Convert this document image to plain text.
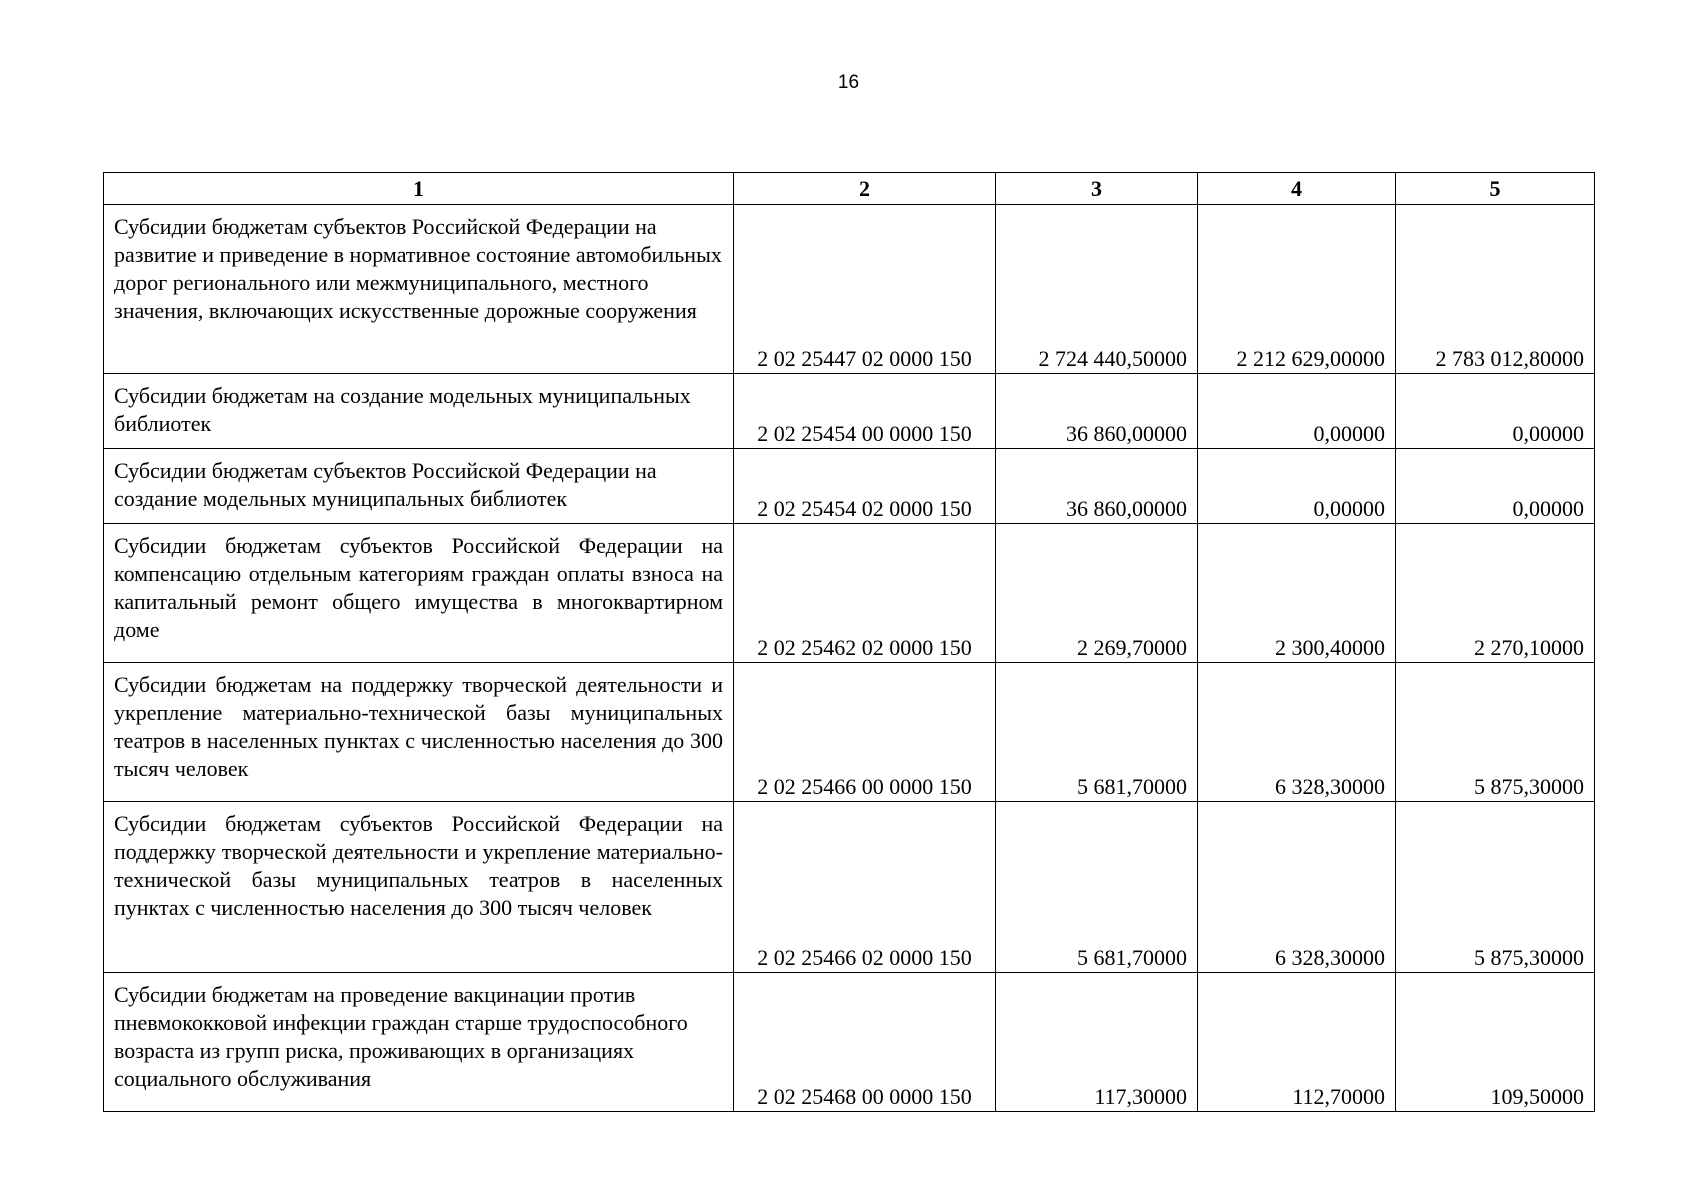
16
1	2	3	4	5
Субсидии бюджетам субъектов Российской Федерации на развитие и приведение в нормативное состояние автомобильных дорог регионального или межмуниципального, местного значения, включающих искусственные дорожные сооружения	2 02 25447 02 0000 150	2 724 440,50000	2 212 629,00000	2 783 012,80000
Субсидии бюджетам на создание модельных муниципальных библиотек	2 02 25454 00 0000 150	36 860,00000	0,00000	0,00000
Субсидии бюджетам субъектов Российской Федерации на создание модельных муниципальных библиотек	2 02 25454 02 0000 150	36 860,00000	0,00000	0,00000
Субсидии бюджетам субъектов Российской Федерации на компенсацию отдельным категориям граждан оплаты взноса на капитальный ремонт общего имущества в многоквартирном доме	2 02 25462 02 0000 150	2 269,70000	2 300,40000	2 270,10000
Субсидии бюджетам на поддержку творческой деятельности и укрепление материально-технической базы муниципальных театров в населенных пунктах с численностью населения до 300 тысяч человек	2 02 25466 00 0000 150	5 681,70000	6 328,30000	5 875,30000
Субсидии бюджетам субъектов Российской Федерации на поддержку творческой деятельности и укрепление материально-технической базы муниципальных театров в населенных пунктах с численностью населения до 300 тысяч человек	2 02 25466 02 0000 150	5 681,70000	6 328,30000	5 875,30000
Субсидии бюджетам на проведение вакцинации против пневмококковой инфекции граждан старше трудоспособного возраста из групп риска, проживающих в организациях социального обслуживания	2 02 25468 00 0000 150	117,30000	112,70000	109,50000
